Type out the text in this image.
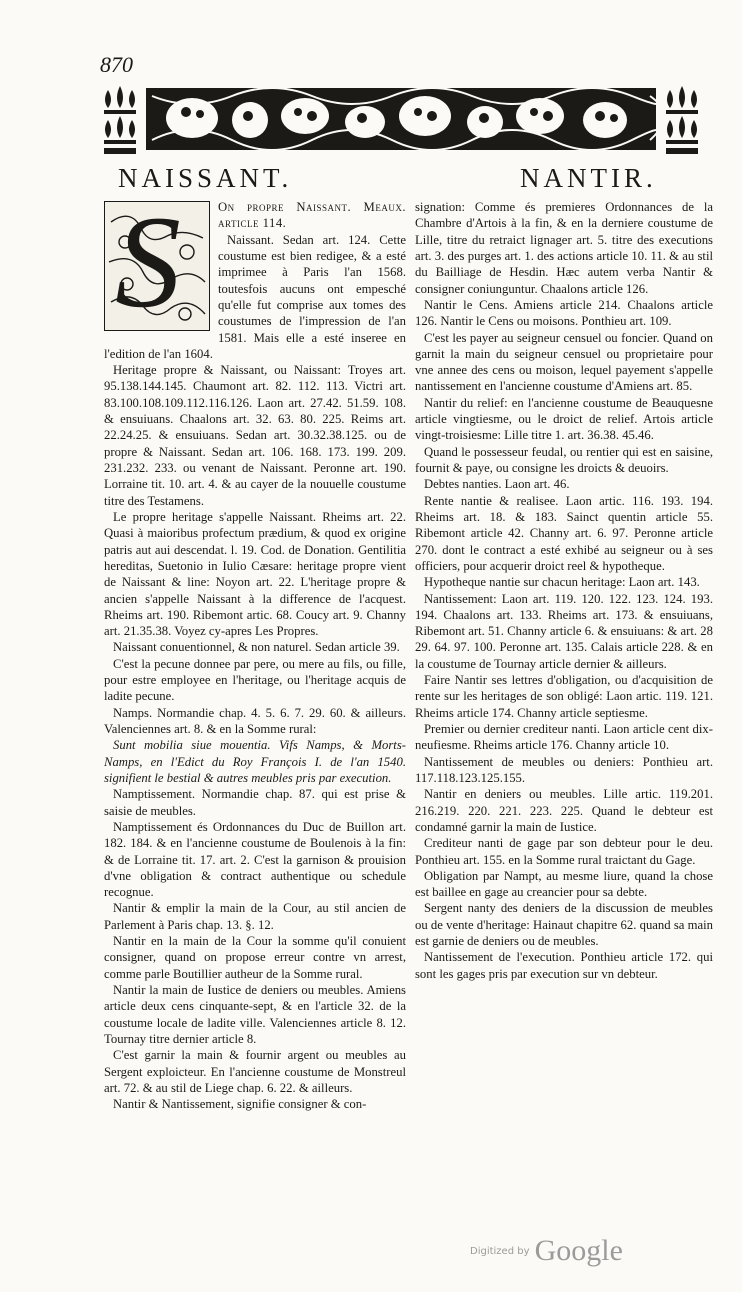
870
NAISSANT.	NANTIR.
S	On propre Naissant. Meaux. article 114.

Naissant. Sedan art. 124. Cette coustume est bien redigee, & a esté imprimee à Paris l'an 1568. toutesfois aucuns ont empesché qu'elle fut comprise aux tomes des coustumes de l'impression de l'an 1581. Mais elle a esté inseree en l'edition de l'an 1604.

Heritage propre & Naissant, ou Naissant: Troyes art. 95.138.144.145. Chaumont art. 82. 112. 113. Victri art. 83.100.108.109.112.116.126. Laon art. 27.42. 51.59. 108. & ensuiuans. Chaalons art. 32. 63. 80. 225. Reims art. 22.24.25. & ensuiuans. Sedan art. 30.32.38.125. ou de propre & Naissant. Sedan art. 106. 168. 173. 199. 209. 231.232. 233. ou venant de Naissant. Peronne art. 190. Lorraine tit. 10. art. 4. & au cayer de la nouuelle coustume titre des Testamens.

Le propre heritage s'appelle Naissant. Rheims art. 22. Quasi à maioribus profectum prædium, & quod ex origine patris aut aui descendat. l. 19. Cod. de Donation. Gentilitia hereditas, Suetonio in Iulio Cæsare: heritage propre vient de Naissant & line: Noyon art. 22. L'heritage propre & ancien s'appelle Naissant à la difference de l'acquest. Rheims art. 190. Ribemont artic. 68. Coucy art. 9. Channy art. 21.35.38. Voyez cy-apres Les Propres.

Naissant conuentionnel, & non naturel. Sedan article 39.

C'est la pecune donnee par pere, ou mere au fils, ou fille, pour estre employee en l'heritage, ou l'heritage acquis de ladite pecune.

Namps. Normandie chap. 4. 5. 6. 7. 29. 60. & ailleurs. Valenciennes art. 8. & en la Somme rural:

Sunt mobilia siue mouentia. Vifs Namps, & Morts-Namps, en l'Edict du Roy François I. de l'an 1540. signifient le bestial & autres meubles pris par execution.

Namptissement. Normandie chap. 87. qui est prise & saisie de meubles.

Namptissement és Ordonnances du Duc de Buillon art. 182. 184. & en l'ancienne coustume de Boulenois à la fin: & de Lorraine tit. 17. art. 2. C'est la garnison & prouision d'vne obligation & contract authentique ou schedule recognue.

Nantir & emplir la main de la Cour, au stil ancien de Parlement à Paris chap. 13. §. 12.

Nantir en la main de la Cour la somme qu'il conuient consigner, quand on propose erreur contre vn arrest, comme parle Boutillier autheur de la Somme rural.

Nantir la main de Iustice de deniers ou meubles. Amiens article deux cens cinquante-sept, & en l'article 32. de la coustume locale de ladite ville. Valenciennes article 8. 12. Tournay titre dernier article 8.

C'est garnir la main & fournir argent ou meubles au Sergent exploicteur. En l'ancienne coustume de Monstreul art. 72. & au stil de Liege chap. 6. 22. & ailleurs.

Nantir & Nantissement, signifie consigner & con-

signation: Comme és premieres Ordonnances de la Chambre d'Artois à la fin, & en la derniere coustume de Lille, titre du retraict lignager art. 5. titre des executions art. 3. des purges art. 1. des actions article 10. 11. & au stil du Bailliage de Hesdin. Hæc autem verba Nantir & consigner coniunguntur. Chaalons article 126.

Nantir le Cens. Amiens article 214. Chaalons article 126. Nantir le Cens ou moisons. Ponthieu art. 109.

C'est les payer au seigneur censuel ou foncier. Quand on garnit la main du seigneur censuel ou proprietaire pour vne annee des cens ou moison, lequel payement s'appelle nantissement en l'ancienne coustume d'Amiens art. 85.

Nantir du relief: en l'ancienne coustume de Beauquesne article vingtiesme, ou le droict de relief. Artois article vingt-troisiesme: Lille titre 1. art. 36.38. 45.46.

Quand le possesseur feudal, ou rentier qui est en saisine, fournit & paye, ou consigne les droicts & deuoirs.

Debtes nanties. Laon art. 46.

Rente nantie & realisee. Laon artic. 116. 193. 194. Rheims art. 18. & 183. Sainct quentin article 55. Ribemont article 42. Channy art. 6. 97. Peronne article 270. dont le contract a esté exhibé au seigneur ou à ses officiers, pour acquerir droict reel & hypotheque.

Hypotheque nantie sur chacun heritage: Laon art. 143.

Nantissement: Laon art. 119. 120. 122. 123. 124. 193. 194. Chaalons art. 133. Rheims art. 173. & ensuiuans, Ribemont art. 51. Channy article 6. & ensuiuans: & art. 28 29. 64. 97. 100. Peronne art. 135. Calais article 228. & en la coustume de Tournay article dernier & ailleurs.

Faire Nantir ses lettres d'obligation, ou d'acquisition de rente sur les heritages de son obligé: Laon artic. 119. 121. Rheims article 174. Channy article septiesme.

Premier ou dernier crediteur nanti. Laon article cent dix-neufiesme. Rheims article 176. Channy article 10.

Nantissement de meubles ou deniers: Ponthieu art. 117.118.123.125.155.

Nantir en deniers ou meubles. Lille artic. 119.201. 216.219. 220. 221. 223. 225. Quand le debteur est condamné garnir la main de Iustice.

Crediteur nanti de gage par son debteur pour le deu. Ponthieu art. 155. en la Somme rural traictant du Gage.

Obligation par Nampt, au mesme liure, quand la chose est baillee en gage au creancier pour sa debte.

Sergent nanty des deniers de la discussion de meubles ou de vente d'heritage: Hainaut chapitre 62. quand sa main est garnie de deniers ou de meubles.

Nantissement de l'execution. Ponthieu article 172. qui sont les gages pris par execution sur vn debteur.

$^{Digitized by}$ Google
